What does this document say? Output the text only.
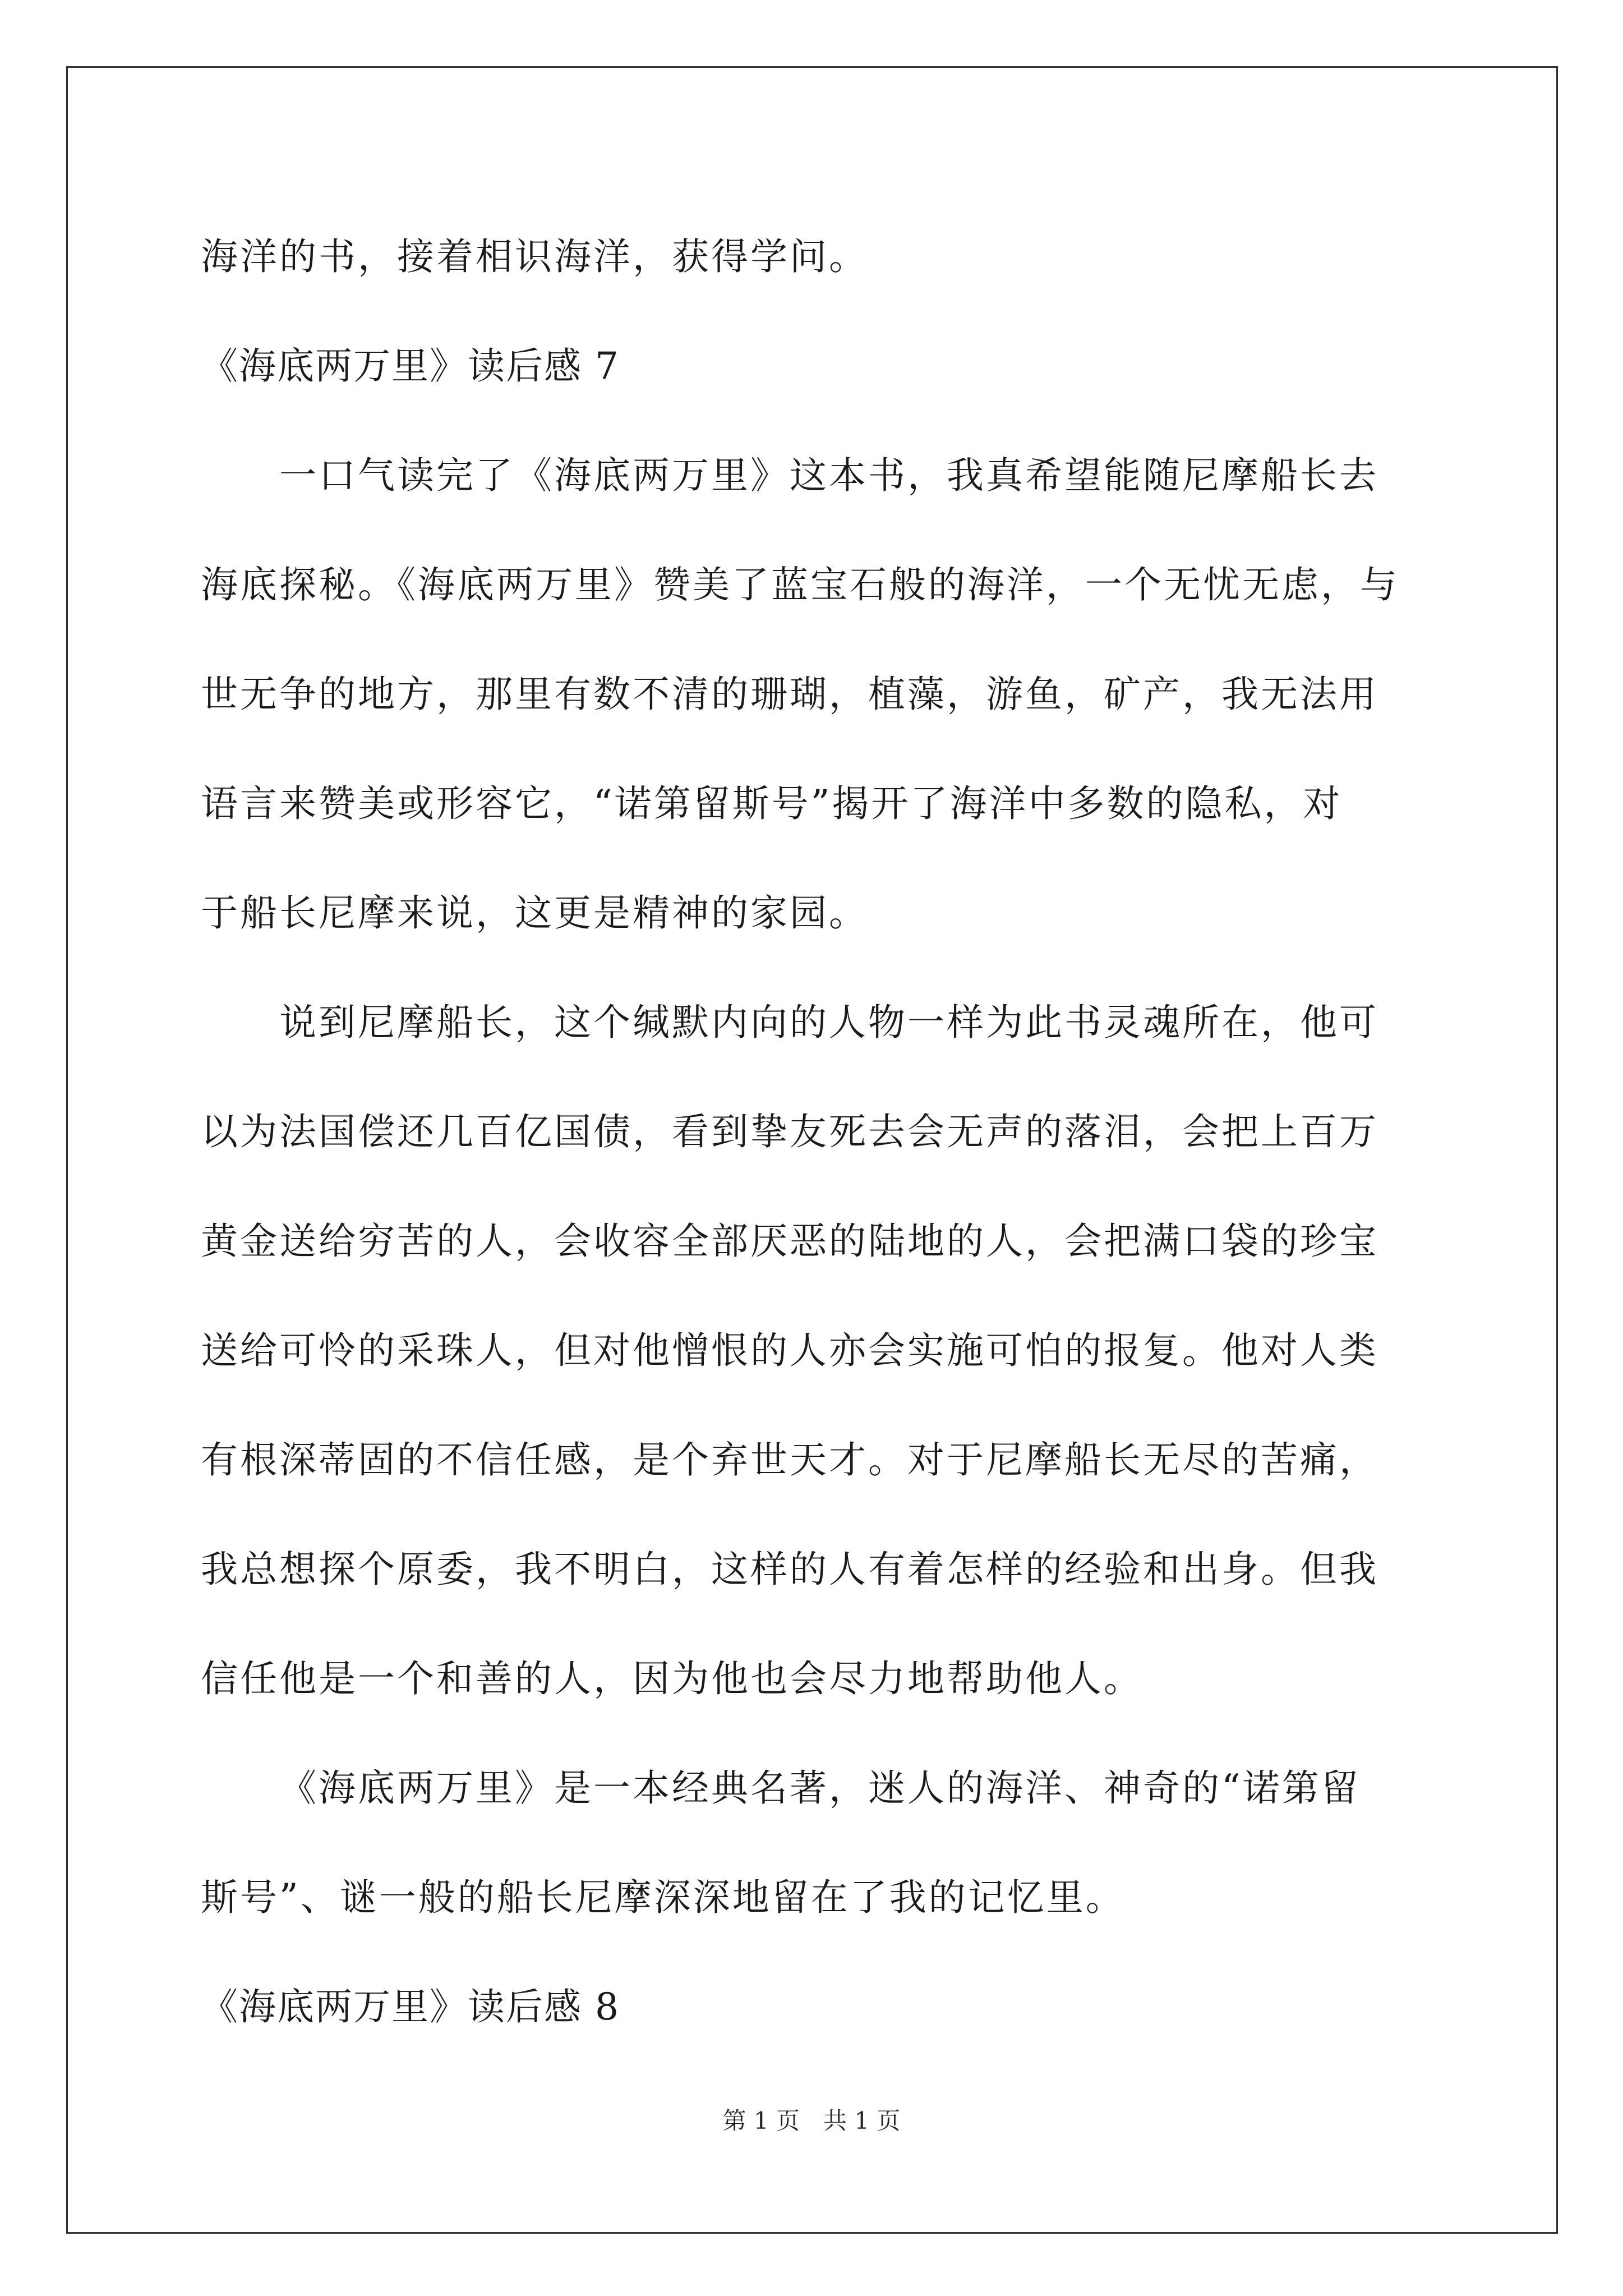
海洋的书，接着相识海洋，获得学问。
《海底两万里》读后感 7
一口气读完了《海底两万里》这本书，我真希望能随尼摩船长去
海底探秘。《海底两万里》赞美了蓝宝石般的海洋，一个无忧无虑，与
世无争的地方，那里有数不清的珊瑚，植藻，游鱼，矿产，我无法用
语言来赞美或形容它，“诺第留斯号”揭开了海洋中多数的隐私，对
于船长尼摩来说，这更是精神的家园。
说到尼摩船长，这个缄默内向的人物一样为此书灵魂所在，他可
以为法国偿还几百亿国债，看到挚友死去会无声的落泪，会把上百万
黄金送给穷苦的人，会收容全部厌恶的陆地的人，会把满口袋的珍宝
送给可怜的采珠人，但对他憎恨的人亦会实施可怕的报复。他对人类
有根深蒂固的不信任感，是个弃世天才。对于尼摩船长无尽的苦痛，
我总想探个原委，我不明白，这样的人有着怎样的经验和出身。但我
信任他是一个和善的人，因为他也会尽力地帮助他人。
《海底两万里》是一本经典名著，迷人的海洋、神奇的“诺第留
斯号”、谜一般的船长尼摩深深地留在了我的记忆里。
《海底两万里》读后感 8
第 1 页　共 1 页
